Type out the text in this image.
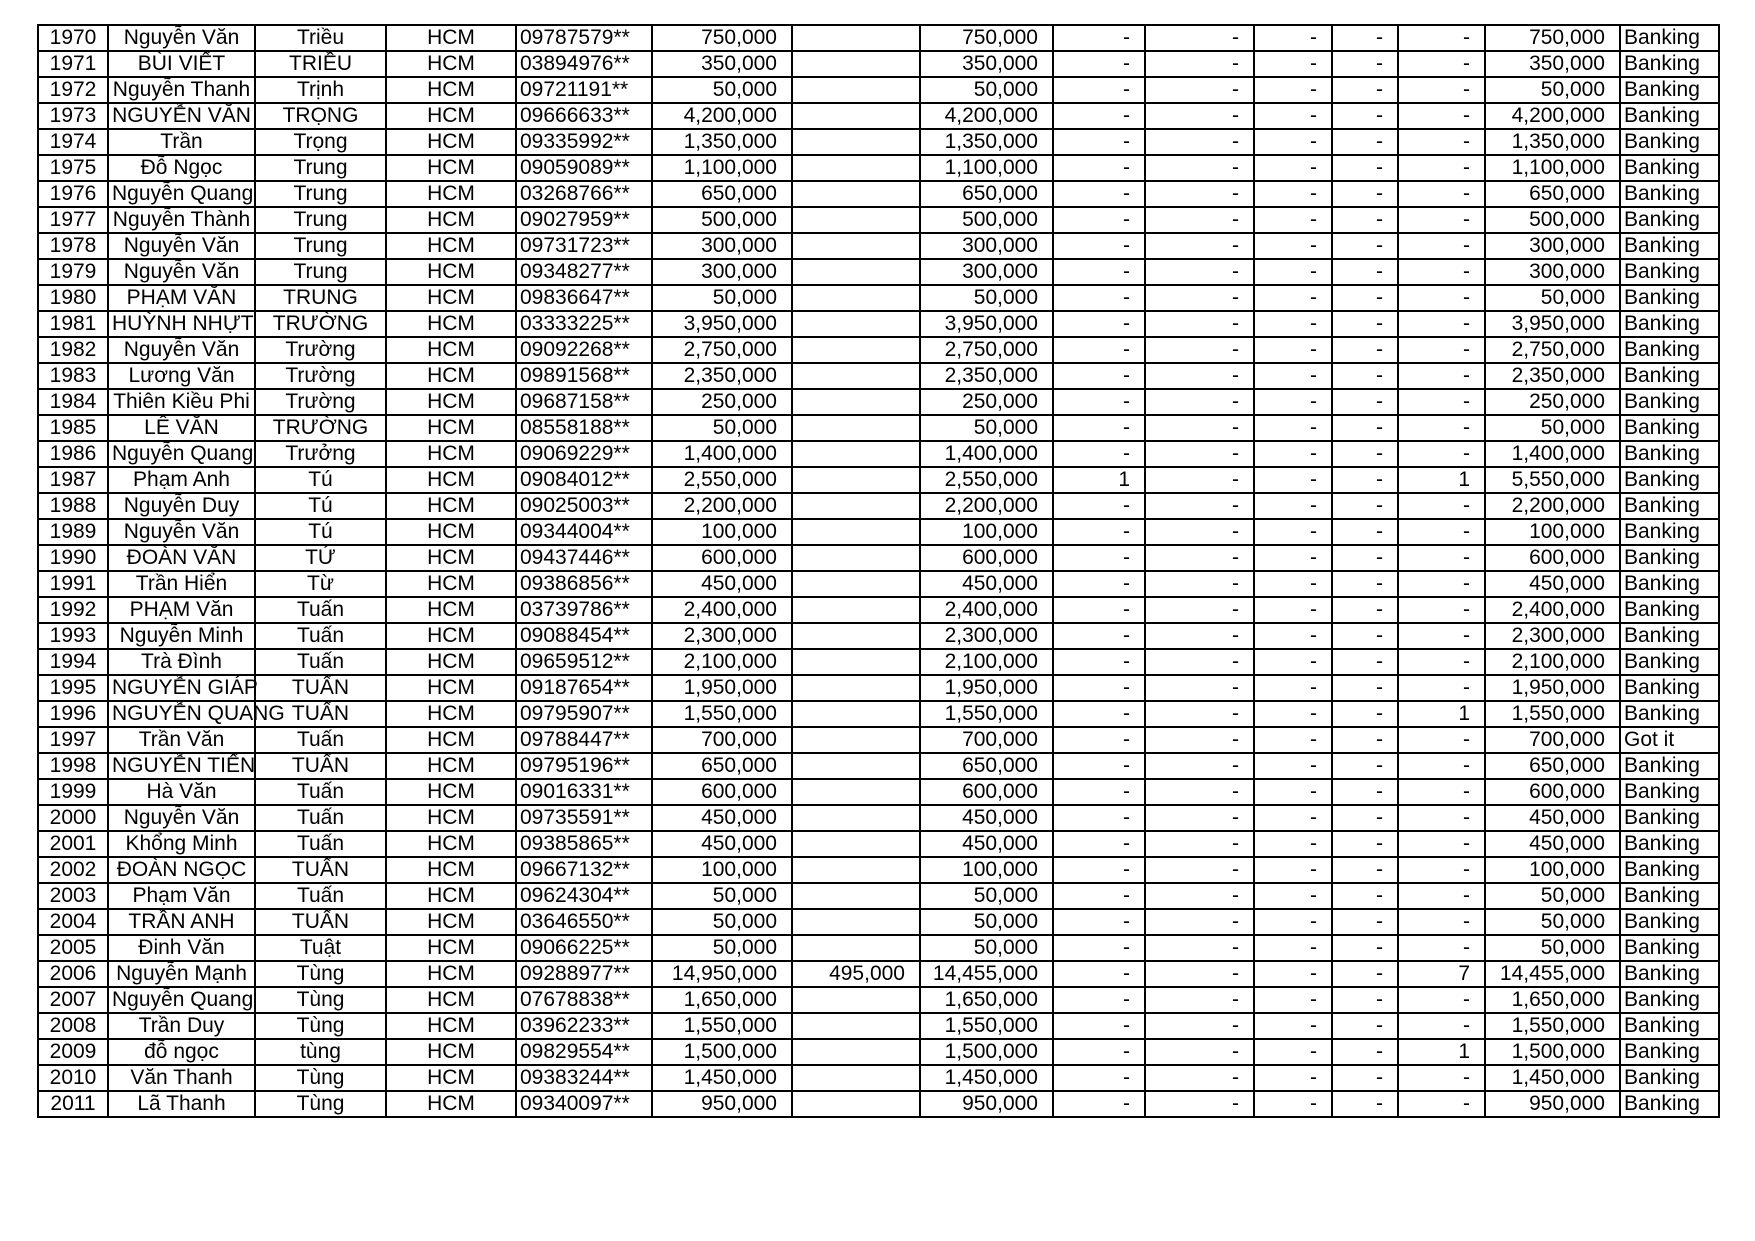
1970	Nguyễn Văn	Triều	HCM	09787579**	750,000		750,000	-	-	-	-	-	750,000	Banking
1971	BÙI VIẾT	TRIỀU	HCM	03894976**	350,000		350,000	-	-	-	-	-	350,000	Banking
1972	Nguyễn Thanh	Trịnh	HCM	09721191**	50,000		50,000	-	-	-	-	-	50,000	Banking
1973	NGUYỄN VĂN	TRỌNG	HCM	09666633**	4,200,000		4,200,000	-	-	-	-	-	4,200,000	Banking
1974	Trần	Trọng	HCM	09335992**	1,350,000		1,350,000	-	-	-	-	-	1,350,000	Banking
1975	Đỗ Ngọc	Trung	HCM	09059089**	1,100,000		1,100,000	-	-	-	-	-	1,100,000	Banking
1976	Nguyễn Quang	Trung	HCM	03268766**	650,000		650,000	-	-	-	-	-	650,000	Banking
1977	Nguyễn Thành	Trung	HCM	09027959**	500,000		500,000	-	-	-	-	-	500,000	Banking
1978	Nguyễn Văn	Trung	HCM	09731723**	300,000		300,000	-	-	-	-	-	300,000	Banking
1979	Nguyễn Văn	Trung	HCM	09348277**	300,000		300,000	-	-	-	-	-	300,000	Banking
1980	PHẠM VĂN	TRUNG	HCM	09836647**	50,000		50,000	-	-	-	-	-	50,000	Banking
1981	HUỲNH NHỰT	TRƯỜNG	HCM	03333225**	3,950,000		3,950,000	-	-	-	-	-	3,950,000	Banking
1982	Nguyễn Văn	Trường	HCM	09092268**	2,750,000		2,750,000	-	-	-	-	-	2,750,000	Banking
1983	Lương Văn	Trường	HCM	09891568**	2,350,000		2,350,000	-	-	-	-	-	2,350,000	Banking
1984	Thiên Kiều Phi	Trường	HCM	09687158**	250,000		250,000	-	-	-	-	-	250,000	Banking
1985	LÊ VĂN	TRƯỜNG	HCM	08558188**	50,000		50,000	-	-	-	-	-	50,000	Banking
1986	Nguyễn Quang	Trưởng	HCM	09069229**	1,400,000		1,400,000	-	-	-	-	-	1,400,000	Banking
1987	Phạm Anh	Tú	HCM	09084012**	2,550,000		2,550,000	1	-	-	-	1	5,550,000	Banking
1988	Nguyễn Duy	Tú	HCM	09025003**	2,200,000		2,200,000	-	-	-	-	-	2,200,000	Banking
1989	Nguyễn Văn	Tú	HCM	09344004**	100,000		100,000	-	-	-	-	-	100,000	Banking
1990	ĐOÀN VĂN	TỨ	HCM	09437446**	600,000		600,000	-	-	-	-	-	600,000	Banking
1991	Trần Hiển	Từ	HCM	09386856**	450,000		450,000	-	-	-	-	-	450,000	Banking
1992	PHẠM Văn	Tuấn	HCM	03739786**	2,400,000		2,400,000	-	-	-	-	-	2,400,000	Banking
1993	Nguyễn Minh	Tuấn	HCM	09088454**	2,300,000		2,300,000	-	-	-	-	-	2,300,000	Banking
1994	Trà Đình	Tuấn	HCM	09659512**	2,100,000		2,100,000	-	-	-	-	-	2,100,000	Banking
1995	NGUYỄN GIÁP	TUẤN	HCM	09187654**	1,950,000		1,950,000	-	-	-	-	-	1,950,000	Banking
1996	NGUYỄN QUANG	TUẤN	HCM	09795907**	1,550,000		1,550,000	-	-	-	-	1	1,550,000	Banking
1997	Trần Văn	Tuấn	HCM	09788447**	700,000		700,000	-	-	-	-	-	700,000	Got it
1998	NGUYỄN TIẾN	TUẤN	HCM	09795196**	650,000		650,000	-	-	-	-	-	650,000	Banking
1999	Hà Văn	Tuấn	HCM	09016331**	600,000		600,000	-	-	-	-	-	600,000	Banking
2000	Nguyễn Văn	Tuấn	HCM	09735591**	450,000		450,000	-	-	-	-	-	450,000	Banking
2001	Khổng Minh	Tuấn	HCM	09385865**	450,000		450,000	-	-	-	-	-	450,000	Banking
2002	ĐOÀN NGỌC	TUẤN	HCM	09667132**	100,000		100,000	-	-	-	-	-	100,000	Banking
2003	Phạm Văn	Tuấn	HCM	09624304**	50,000		50,000	-	-	-	-	-	50,000	Banking
2004	TRẦN ANH	TUẤN	HCM	03646550**	50,000		50,000	-	-	-	-	-	50,000	Banking
2005	Đinh Văn	Tuật	HCM	09066225**	50,000		50,000	-	-	-	-	-	50,000	Banking
2006	Nguyễn Mạnh	Tùng	HCM	09288977**	14,950,000	495,000	14,455,000	-	-	-	-	7	14,455,000	Banking
2007	Nguyễn Quang	Tùng	HCM	07678838**	1,650,000		1,650,000	-	-	-	-	-	1,650,000	Banking
2008	Trần Duy	Tùng	HCM	03962233**	1,550,000		1,550,000	-	-	-	-	-	1,550,000	Banking
2009	đỗ ngọc	tùng	HCM	09829554**	1,500,000		1,500,000	-	-	-	-	1	1,500,000	Banking
2010	Văn Thanh	Tùng	HCM	09383244**	1,450,000		1,450,000	-	-	-	-	-	1,450,000	Banking
2011	Lã Thanh	Tùng	HCM	09340097**	950,000		950,000	-	-	-	-	-	950,000	Banking
